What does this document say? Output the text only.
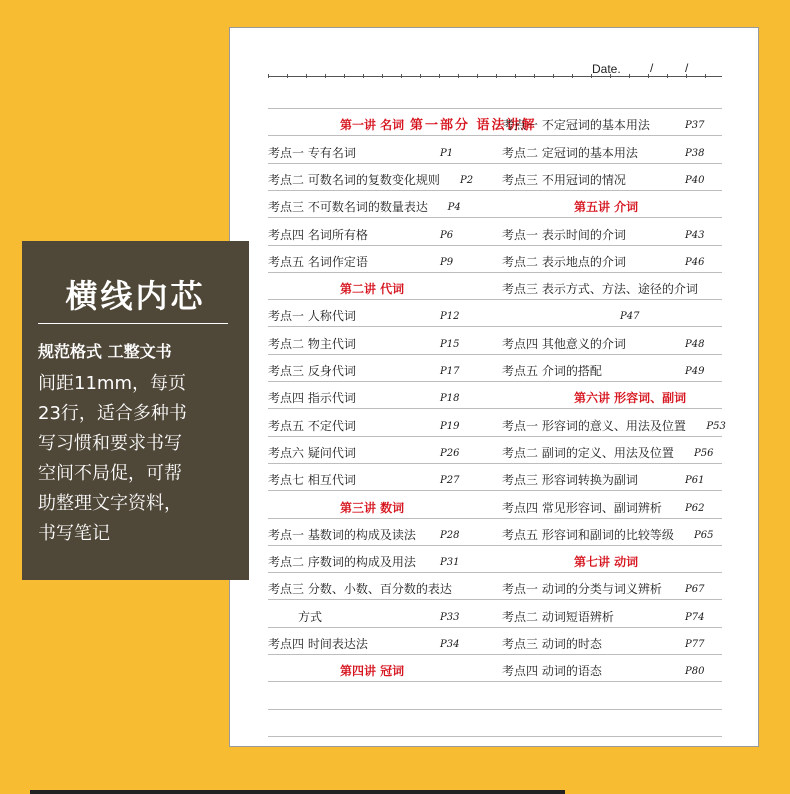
Date. /	/
第一部分 语法讲解
第一讲 名词
考点一 专有名词	P1
考点二 可数名词的复数变化规则 P2
考点三 不可数名词的数量表达 P4
考点四 名词所有格	P6
考点五 名词作定语	P9
第二讲 代词
考点一 人称代词	P12
考点二 物主代词	P15
考点三 反身代词	P17
考点四 指示代词	P18
考点五 不定代词	P19
考点六 疑问代词	P26
考点七 相互代词	P27
第三讲 数词
考点一 基数词的构成及读法 P28
考点二 序数词的构成及用法 P31
考点三 分数、小数、百分数的表达
方式	P33
考点四 时间表达法	P34
第四讲 冠词
考点一 不定冠词的基本用法	P37
考点二 定冠词的基本用法	P38
考点三 不用冠词的情况	P40
第五讲 介词
考点一 表示时间的介词	P43
考点二 表示地点的介词	P46
考点三 表示方式、方法、途径的介词
P47
考点四 其他意义的介词	P48
考点五 介词的搭配	P49
第六讲 形容词、副词
考点一 形容词的意义、用法及位置 P53
考点二 副词的定义、用法及位置 P56
考点三 形容词转换为副词	P61
考点四 常见形容词、副词辨析 P62
考点五 形容词和副词的比较等级 P65
第七讲 动词
考点一 动词的分类与词义辨析 P67
考点二 动词短语辨析	P74
考点三 动词的时态	P77
考点四 动词的语态	P80
横线内芯
规范格式 工整文书
间距11mm，每页
23行，适合多种书
写习惯和要求书写
空间不局促，可帮
助整理文字资料，
书写笔记
